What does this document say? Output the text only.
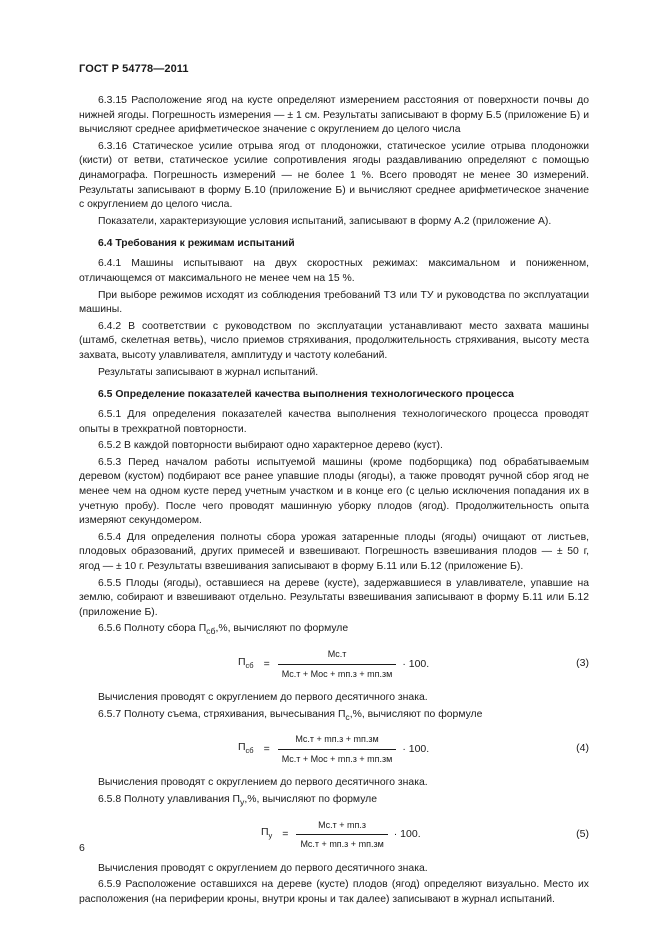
ГОСТ Р 54778—2011

6.3.15 Расположение ягод на кусте определяют измерением расстояния от поверхности почвы до нижней ягоды. Погрешность измерения — ± 1 см. Результаты записывают в форму Б.5 (приложение Б) и вычисляют среднее арифметическое значение с округлением до целого числа

6.3.16 Статическое усилие отрыва ягод от плодоножки, статическое усилие отрыва плодоножки (кисти) от ветви, статическое усилие сопротивления ягоды раздавливанию определяют с помощью динамографа. Погрешность измерений — не более 1 %. Всего проводят не менее 30 измерений. Результаты записывают в форму Б.10 (приложение Б) и вычисляют среднее арифметическое значение с округлением до целого числа.

Показатели, характеризующие условия испытаний, записывают в форму А.2 (приложение А).

6.4 Требования к режимам испытаний

6.4.1 Машины испытывают на двух скоростных режимах: максимальном и пониженном, отличающемся от максимального не менее чем на 15 %.

При выборе режимов исходят из соблюдения требований ТЗ или ТУ и руководства по эксплуатации машины.

6.4.2 В соответствии с руководством по эксплуатации устанавливают место захвата машины (штамб, скелетная ветвь), число приемов стряхивания, продолжительность стряхивания, высоту места захвата, высоту улавливателя, амплитуду и частоту колебаний.

Результаты записывают в журнал испытаний.

6.5 Определение показателей качества выполнения технологического процесса

6.5.1 Для определения показателей качества выполнения технологического процесса проводят опыты в трехкратной повторности.

6.5.2 В каждой повторности выбирают одно характерное дерево (куст).

6.5.3 Перед началом работы испытуемой машины (кроме подборщика) под обрабатываемым деревом (кустом) подбирают все ранее упавшие плоды (ягоды), а также проводят ручной сбор ягод не менее чем на одном кусте перед учетным участком и в конце его (с целью исключения попадания их в учетную пробу). После чего проводят машинную уборку плодов (ягод). Продолжительность опыта измеряют секундомером.

6.5.4 Для определения полноты сбора урожая затаренные плоды (ягоды) очищают от листьев, плодовых образований, других примесей и взвешивают. Погрешность взвешивания плодов — ± 50 г, ягод — ± 10 г. Результаты взвешивания записывают в форму Б.11 или Б.12 (приложение Б).

6.5.5 Плоды (ягоды), оставшиеся на дереве (кусте), задержавшиеся в улавливателе, упавшие на землю, собирают и взвешивают отдельно. Результаты взвешивания записывают в форму Б.11 или Б.12 (приложение Б).

6.5.6 Полноту сбора $П_{сб},\%$, вычисляют по формуле

$П_{сб} = \frac{Mс.т}{\text{Mс.т + Mос + mп.з + mп.зм}} \cdot 100$.	(3)

Вычисления проводят с округлением до первого десятичного знака.

6.5.7 Полноту съема, стряхивания, вычесывания $П_с,\%$, вычисляют по формуле

$П_{сб} = \frac{Mс.т + mп.з + mп.зм}{\text{Mс.т + Mос + mп.з + mп.зм}} \cdot 100$.	(4)

Вычисления проводят с округлением до первого десятичного знака.

6.5.8 Полноту улавливания $П_у,\%$, вычисляют по формуле

$П_у = \frac{Mс.т + mп.з}{Mс.т + mп.з + mп.зм} \cdot 100$.	(5)

Вычисления проводят с округлением до первого десятичного знака.

6.5.9 Расположение оставшихся на дереве (кусте) плодов (ягод) определяют визуально. Место их расположения (на периферии кроны, внутри кроны и так далее) записывают в журнал испытаний.

6
